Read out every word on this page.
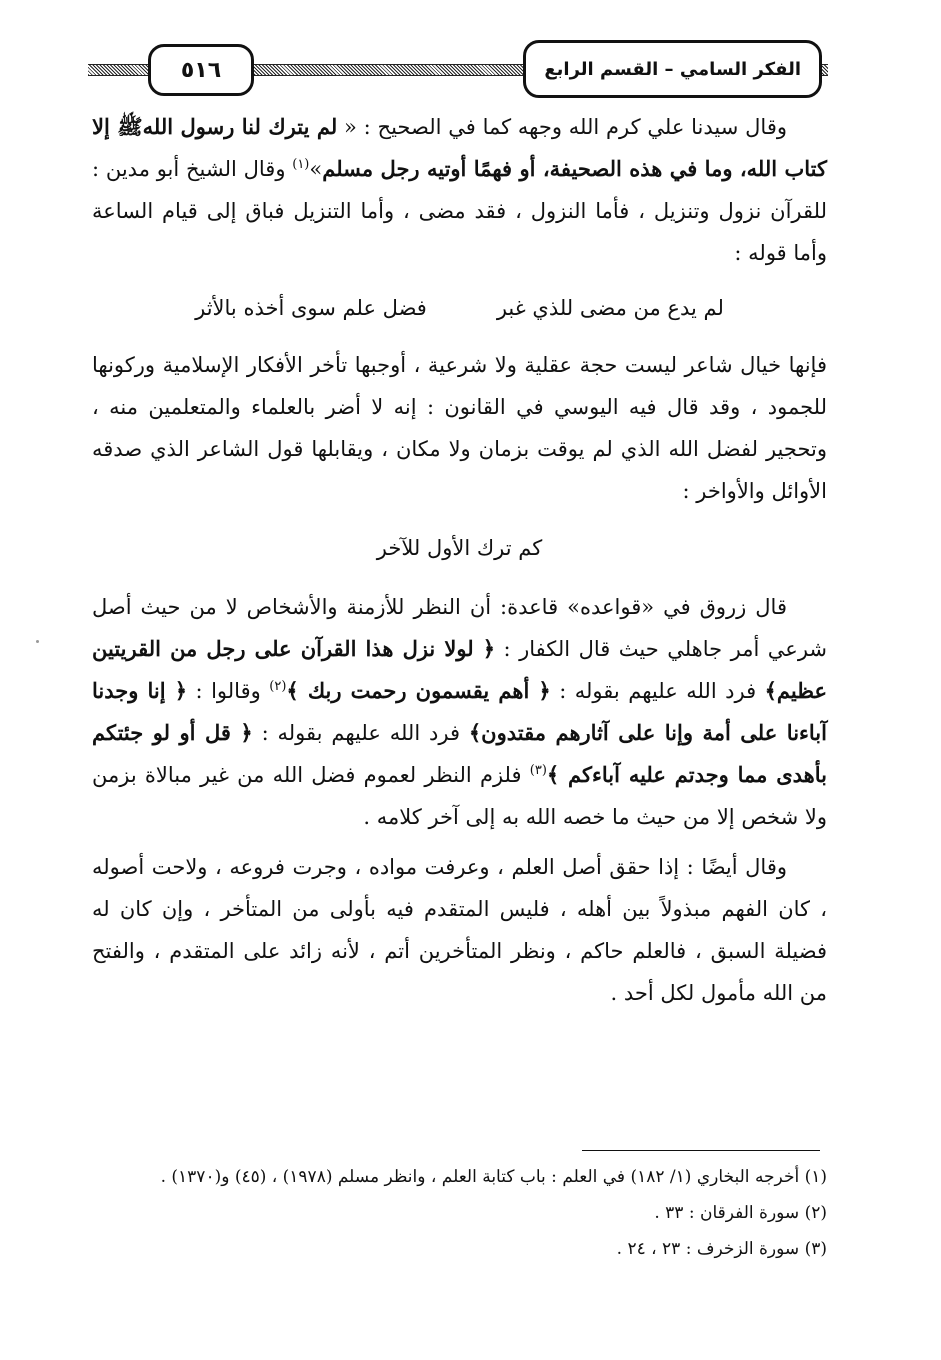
الفكر السامي – القسم الرابع
٥١٦

وقال سيدنا علي كرم الله وجهه كما في الصحيح : « لم يترك لنا رسول اللهﷺ إلا كتاب الله، وما في هذه الصحيفة، أو فهمًا أوتيه رجل مسلم»$^{(١)}$ وقال الشيخ أبو مدين : للقرآن نزول وتنزيل ، فأما النزول ، فقد مضى ، وأما التنزيل فباق إلى قيام الساعة وأما قوله :

لم يدع من مضى للذي غبر
فضل علم سوى أخذه بالأثر

فإنها خيال شاعر ليست حجة عقلية ولا شرعية ، أوجبها تأخر الأفكار الإسلامية وركونها للجمود ، وقد قال فيه اليوسي في القانون : إنه لا أضر بالعلماء والمتعلمين منه ، وتحجير لفضل الله الذي لم يوقت بزمان ولا مكان ، ويقابلها قول الشاعر الذي صدقه الأوائل والأواخر :

كم ترك الأول للآخر

قال زروق في «قواعده» قاعدة: أن النظر للأزمنة والأشخاص لا من حيث أصل شرعي أمر جاهلي حيث قال الكفار : ﴿ لولا نزل هذا القرآن على رجل من القريتين عظيم﴾ فرد الله عليهم بقوله : ﴿ أهم يقسمون رحمت ربك ﴾$^{(٢)}$ وقالوا : ﴿ إنا وجدنا آباءنا على أمة وإنا على آثارهم مقتدون﴾ فرد الله عليهم بقوله : ﴿ قل أو لو جئتكم بأهدى مما وجدتم عليه آباءكم ﴾$^{(٣)}$ فلزم النظر لعموم فضل الله من غير مبالاة بزمن ولا شخص إلا من حيث ما خصه الله به إلى آخر كلامه .

وقال أيضًا : إذا حقق أصل العلم ، وعرفت مواده ، وجرت فروعه ، ولاحت أصوله ، كان الفهم مبذولاً بين أهله ، فليس المتقدم فيه بأولى من المتأخر ، وإن كان له فضيلة السبق ، فالعلم حاكم ، ونظر المتأخرين أتم ، لأنه زائد على المتقدم ، والفتح من الله مأمول لكل أحد .

(١) أخرجه البخاري (١/ ١٨٢) في العلم : باب كتابة العلم ، وانظر مسلم (١٩٧٨) ، (٤٥) و(١٣٧٠) .

(٢) سورة الفرقان : ٣٣ .

(٣) سورة الزخرف : ٢٣ ، ٢٤ .
